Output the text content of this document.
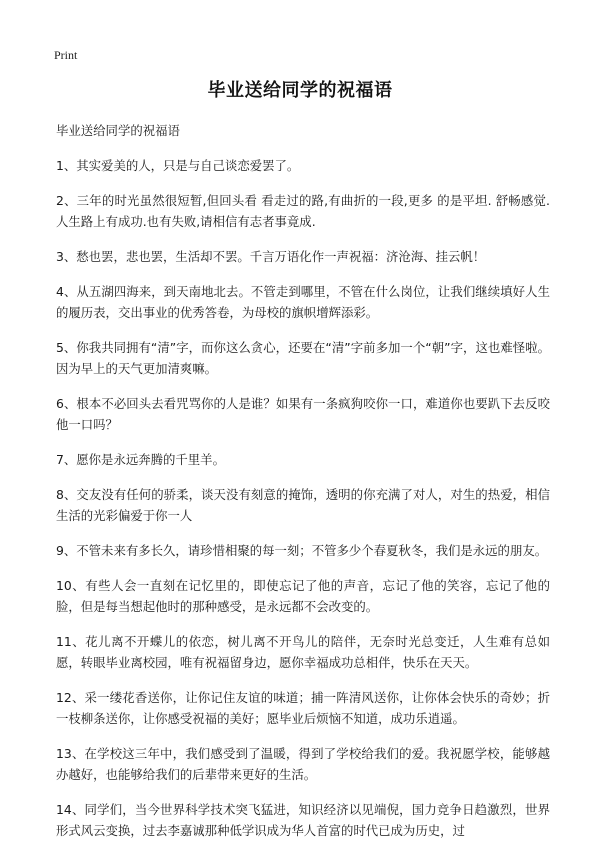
Print
毕业送给同学的祝福语

毕业送给同学的祝福语

1、其实爱美的人，只是与自己谈恋爱罢了。

2、三年的时光虽然很短暂,但回头看 看走过的路,有曲折的一段,更多 的是平坦. 舒畅感觉.人生路上有成功.也有失败,请相信有志者事竟成.

3、愁也罢，悲也罢，生活却不罢。千言万语化作一声祝福：济沧海、挂云帆！

4、从五湖四海来，到天南地北去。不管走到哪里，不管在什么岗位，让我们继续填好人生的履历表，交出事业的优秀答卷，为母校的旗帜增辉添彩。

5、你我共同拥有“清”字，而你这么贪心，还要在“清”字前多加一个“朝”字，这也难怪啦。因为早上的天气更加清爽嘛。

6、根本不必回头去看咒骂你的人是谁？如果有一条疯狗咬你一口，难道你也要趴下去反咬他一口吗？

7、愿你是永远奔腾的千里羊。

8、交友没有任何的骄柔，谈天没有刻意的掩饰，透明的你充满了对人，对生的热爱，相信生活的光彩偏爱于你一人

9、不管未来有多长久，请珍惜相聚的每一刻；不管多少个春夏秋冬，我们是永远的朋友。

10、有些人会一直刻在记忆里的，即使忘记了他的声音，忘记了他的笑容，忘记了他的脸，但是每当想起他时的那种感受，是永远都不会改变的。

11、花儿离不开蝶儿的依恋，树儿离不开鸟儿的陪伴，无奈时光总变迁，人生难有总如愿，转眼毕业离校园，唯有祝福留身边，愿你幸福成功总相伴，快乐在天天。

12、采一缕花香送你，让你记住友谊的味道；捕一阵清风送你，让你体会快乐的奇妙；折一枝柳条送你，让你感受祝福的美好；愿毕业后烦恼不知道，成功乐逍遥。

13、在学校这三年中，我们感受到了温暖，得到了学校给我们的爱。我祝愿学校，能够越办越好，也能够给我们的后辈带来更好的生活。

14、同学们，当今世界科学技术突飞猛进，知识经济以见端倪，国力竞争日趋激烈，世界形式风云变换，过去李嘉诚那种低学识成为华人首富的时代已成为历史，过
